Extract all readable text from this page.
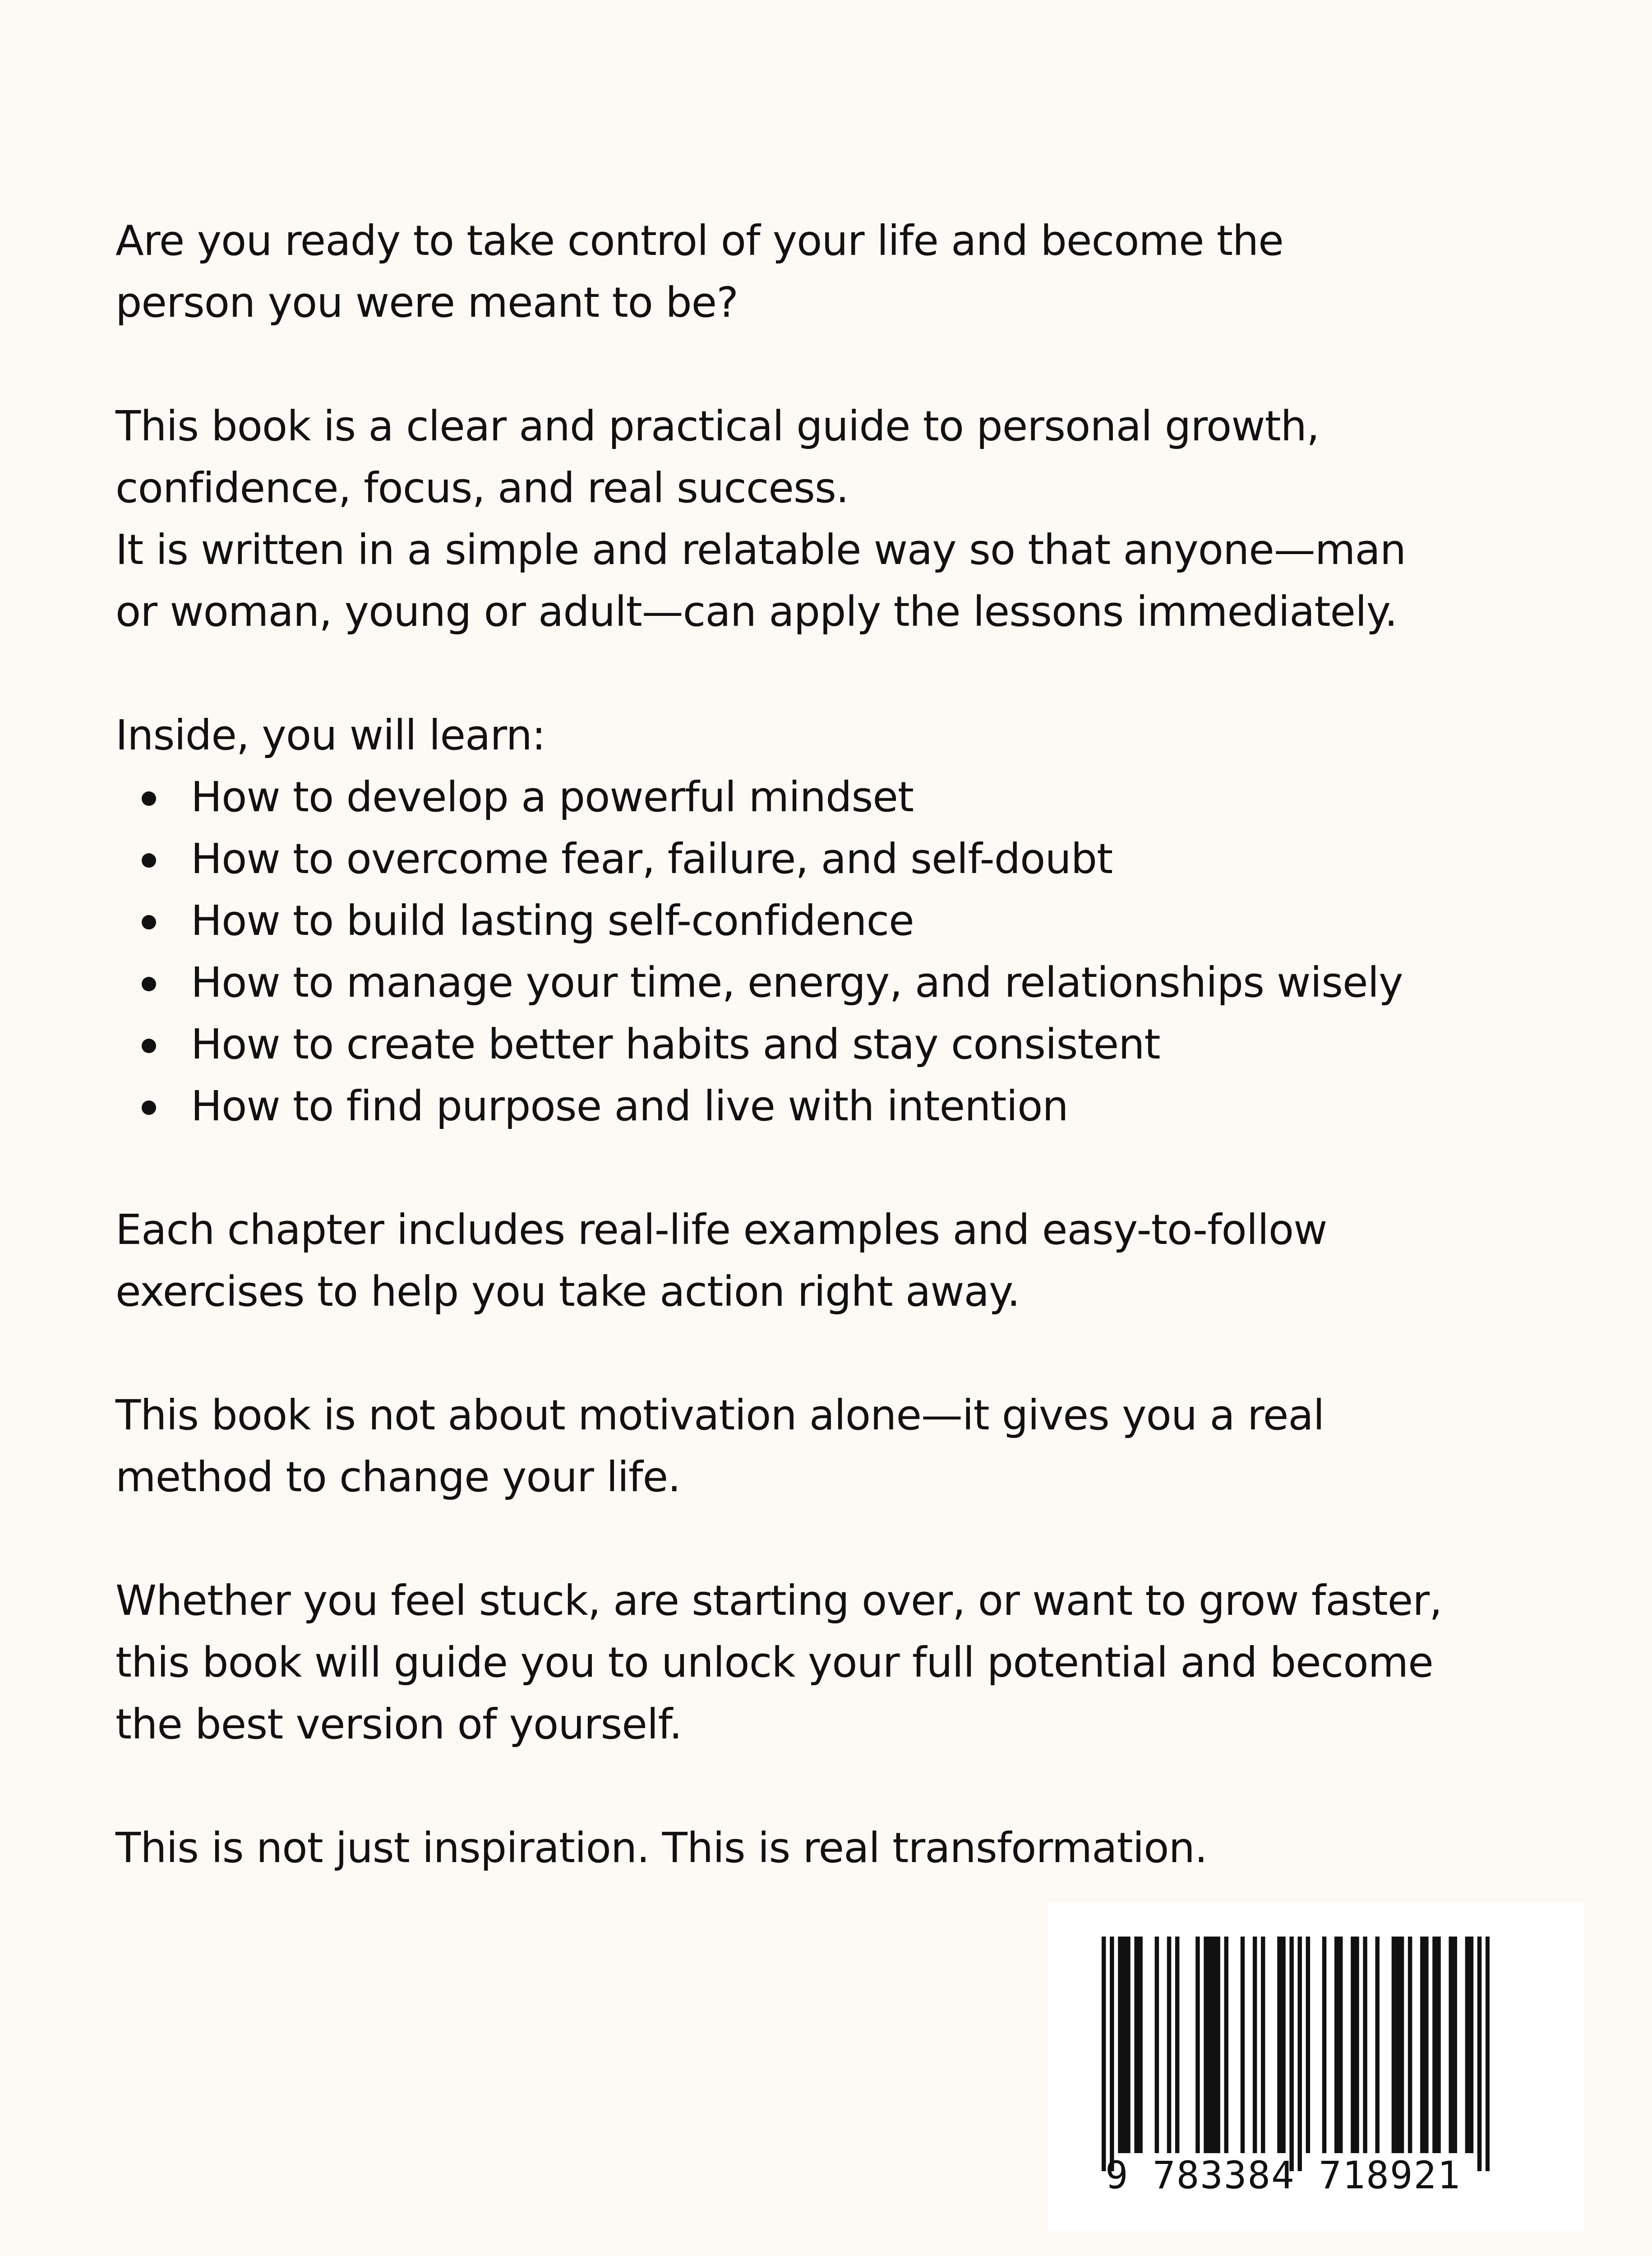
Are you ready to take control of your life and become the
person you were meant to be?

This book is a clear and practical guide to personal growth,
confidence, focus, and real success.
It is written in a simple and relatable way so that anyone—man
or woman, young or adult—can apply the lessons immediately.

Inside, you will learn:

How to develop a powerful mindset
How to overcome fear, failure, and self-doubt
How to build lasting self-confidence
How to manage your time, energy, and relationships wisely
How to create better habits and stay consistent
How to find purpose and live with intention

Each chapter includes real-life examples and easy-to-follow
exercises to help you take action right away.

This book is not about motivation alone—it gives you a real
method to change your life.

Whether you feel stuck, are starting over, or want to grow faster,
this book will guide you to unlock your full potential and become
the best version of yourself.

This is not just inspiration. This is real transformation.

9 783384 718921
